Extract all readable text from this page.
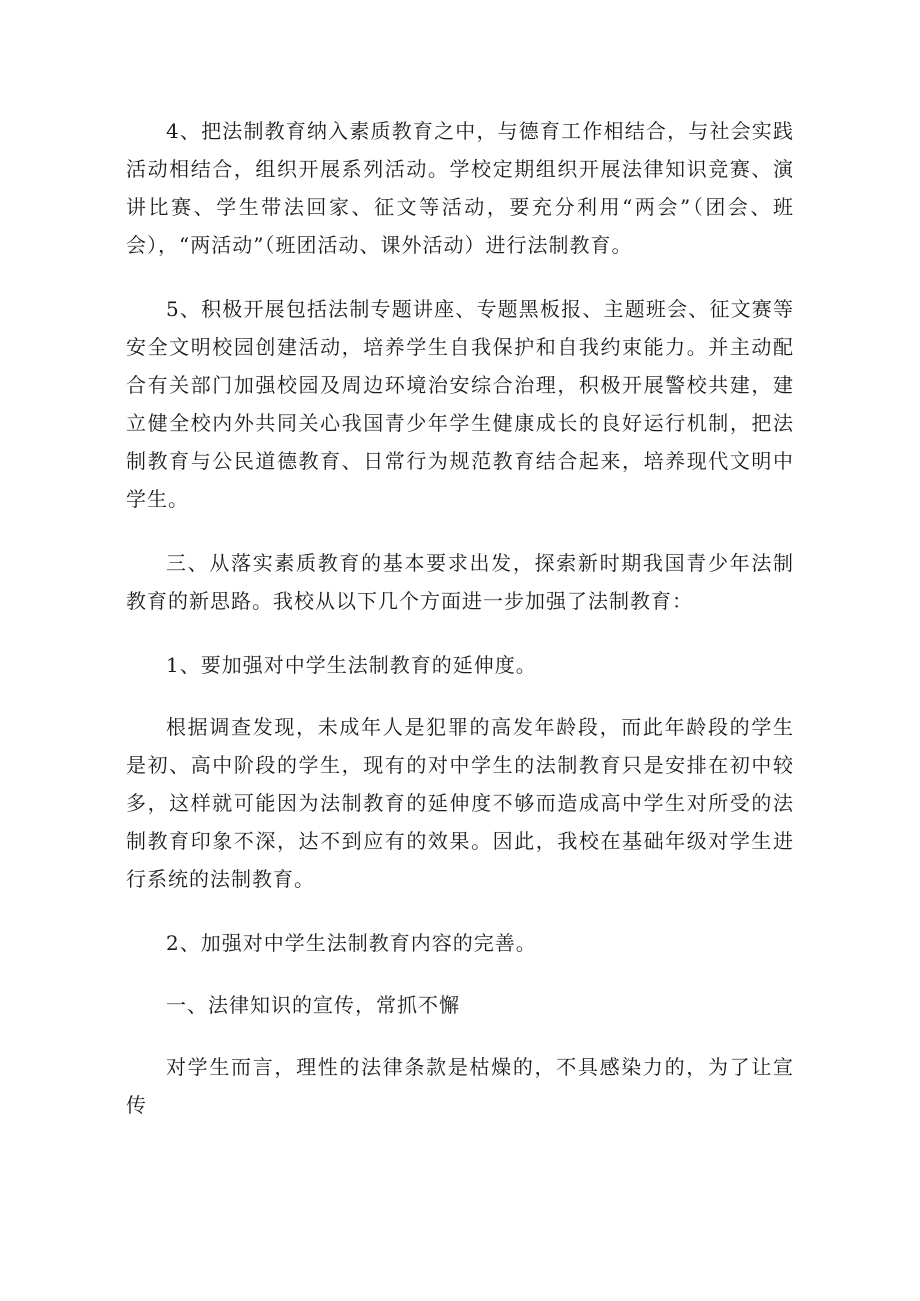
4、把法制教育纳入素质教育之中，与德育工作相结合，与社会实践活动相结合，组织开展系列活动。学校定期组织开展法律知识竞赛、演讲比赛、学生带法回家、征文等活动，要充分利用“两会”（团会、班会），“两活动”（班团活动、课外活动）进行法制教育。

5、积极开展包括法制专题讲座、专题黑板报、主题班会、征文赛等安全文明校园创建活动，培养学生自我保护和自我约束能力。并主动配合有关部门加强校园及周边环境治安综合治理，积极开展警校共建，建立健全校内外共同关心我国青少年学生健康成长的良好运行机制，把法制教育与公民道德教育、日常行为规范教育结合起来，培养现代文明中学生。

三、从落实素质教育的基本要求出发，探索新时期我国青少年法制教育的新思路。我校从以下几个方面进一步加强了法制教育：

1、要加强对中学生法制教育的延伸度。

根据调查发现，未成年人是犯罪的高发年龄段，而此年龄段的学生是初、高中阶段的学生，现有的对中学生的法制教育只是安排在初中较多，这样就可能因为法制教育的延伸度不够而造成高中学生对所受的法制教育印象不深，达不到应有的效果。因此，我校在基础年级对学生进行系统的法制教育。

2、加强对中学生法制教育内容的完善。

一、法律知识的宣传，常抓不懈

对学生而言，理性的法律条款是枯燥的，不具感染力的，为了让宣传
